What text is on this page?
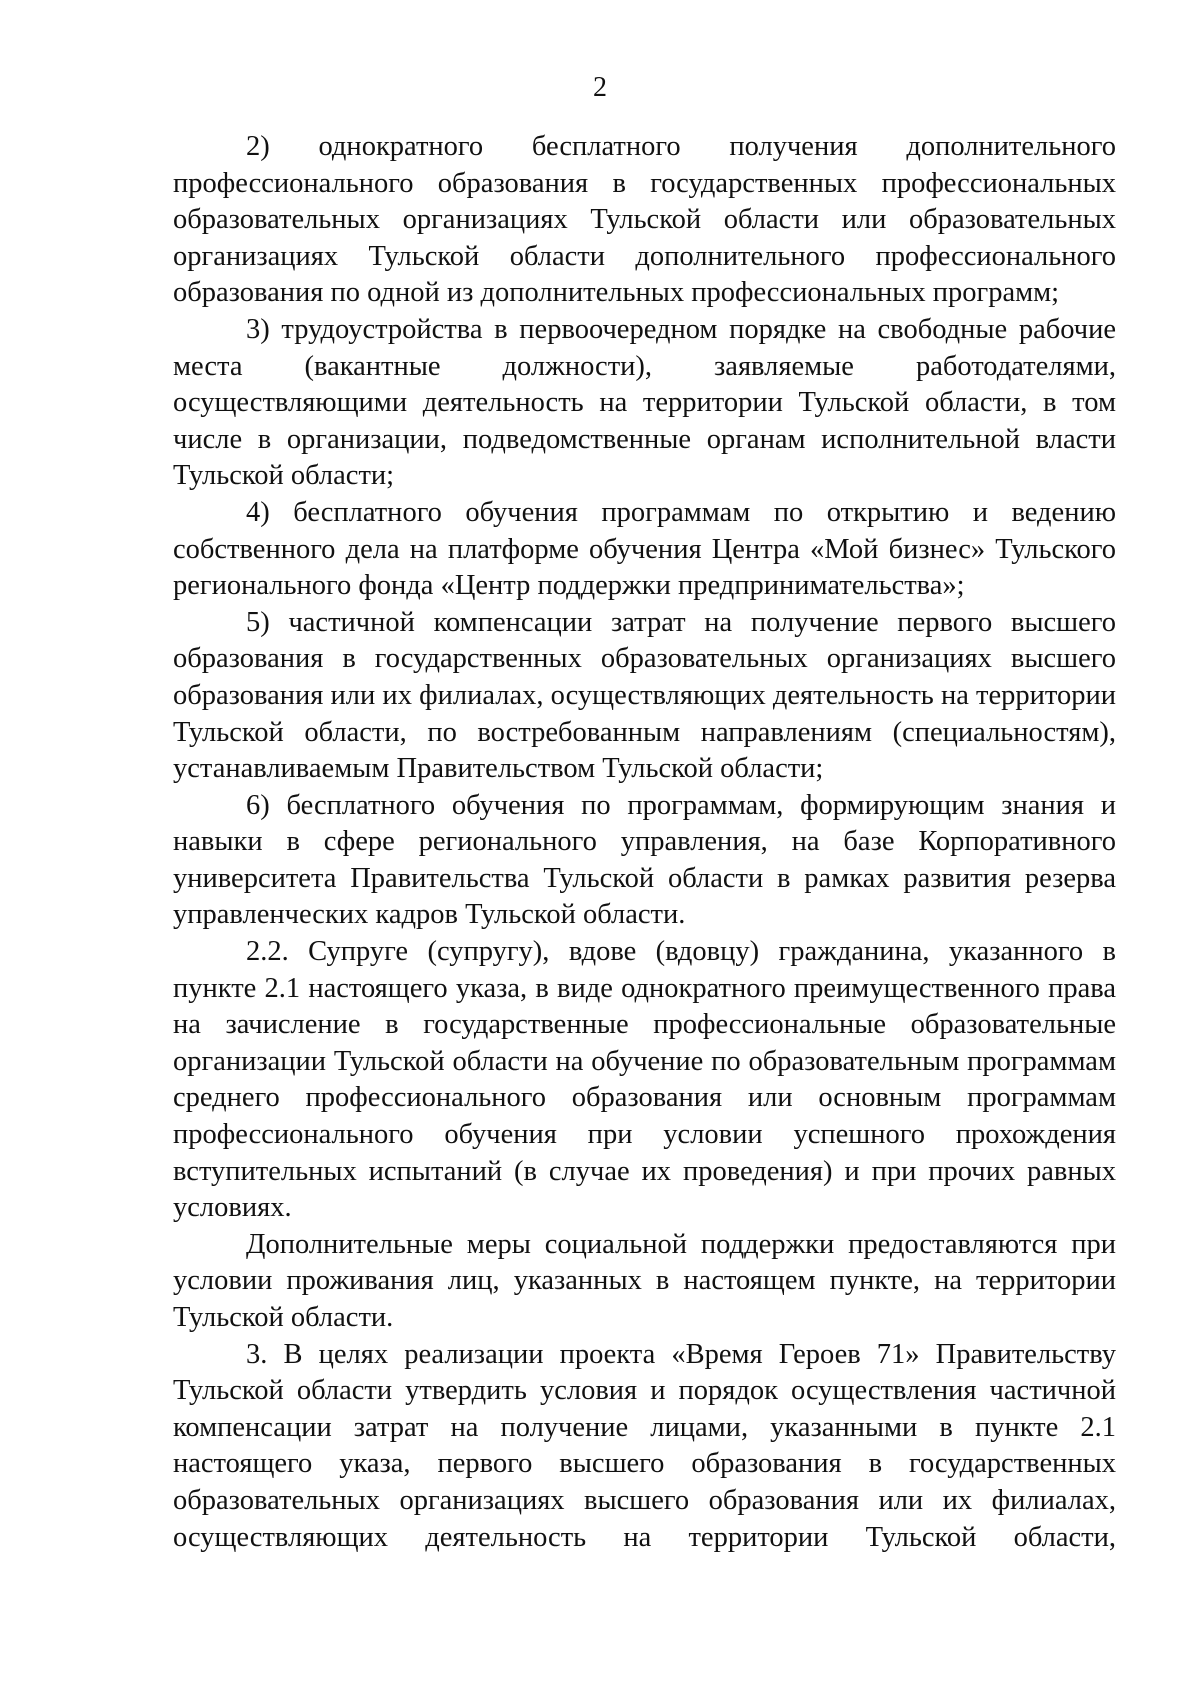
2

2) однократного бесплатного получения дополнительного профессионального образования в государственных профессиональных образовательных организациях Тульской области или образовательных организациях Тульской области дополнительного профессионального образования по одной из дополнительных профессиональных программ;

3) трудоустройства в первоочередном порядке на свободные рабочие места (вакантные должности), заявляемые работодателями, осуществляющими деятельность на территории Тульской области, в том числе в организации, подведомственные органам исполнительной власти Тульской области;

4) бесплатного обучения программам по открытию и ведению собственного дела на платформе обучения Центра «Мой бизнес» Тульского регионального фонда «Центр поддержки предпринимательства»;

5) частичной компенсации затрат на получение первого высшего образования в государственных образовательных организациях высшего образования или их филиалах, осуществляющих деятельность на территории Тульской области, по востребованным направлениям (специальностям), устанавливаемым Правительством Тульской области;

6) бесплатного обучения по программам, формирующим знания и навыки в сфере регионального управления, на базе Корпоративного университета Правительства Тульской области в рамках развития резерва управленческих кадров Тульской области.

2.2. Супруге (супругу), вдове (вдовцу) гражданина, указанного в пункте 2.1 настоящего указа, в виде однократного преимущественного права на зачисление в государственные профессиональные образовательные организации Тульской области на обучение по образовательным программам среднего профессионального образования или основным программам профессионального обучения при условии успешного прохождения вступительных испытаний (в случае их проведения) и при прочих равных условиях.

Дополнительные меры социальной поддержки предоставляются при условии проживания лиц, указанных в настоящем пункте, на территории Тульской области.

3. В целях реализации проекта «Время Героев 71» Правительству Тульской области утвердить условия и порядок осуществления частичной компенсации затрат на получение лицами, указанными в пункте 2.1 настоящего указа, первого высшего образования в государственных образовательных организациях высшего образования или их филиалах, осуществляющих деятельность на территории Тульской области,
